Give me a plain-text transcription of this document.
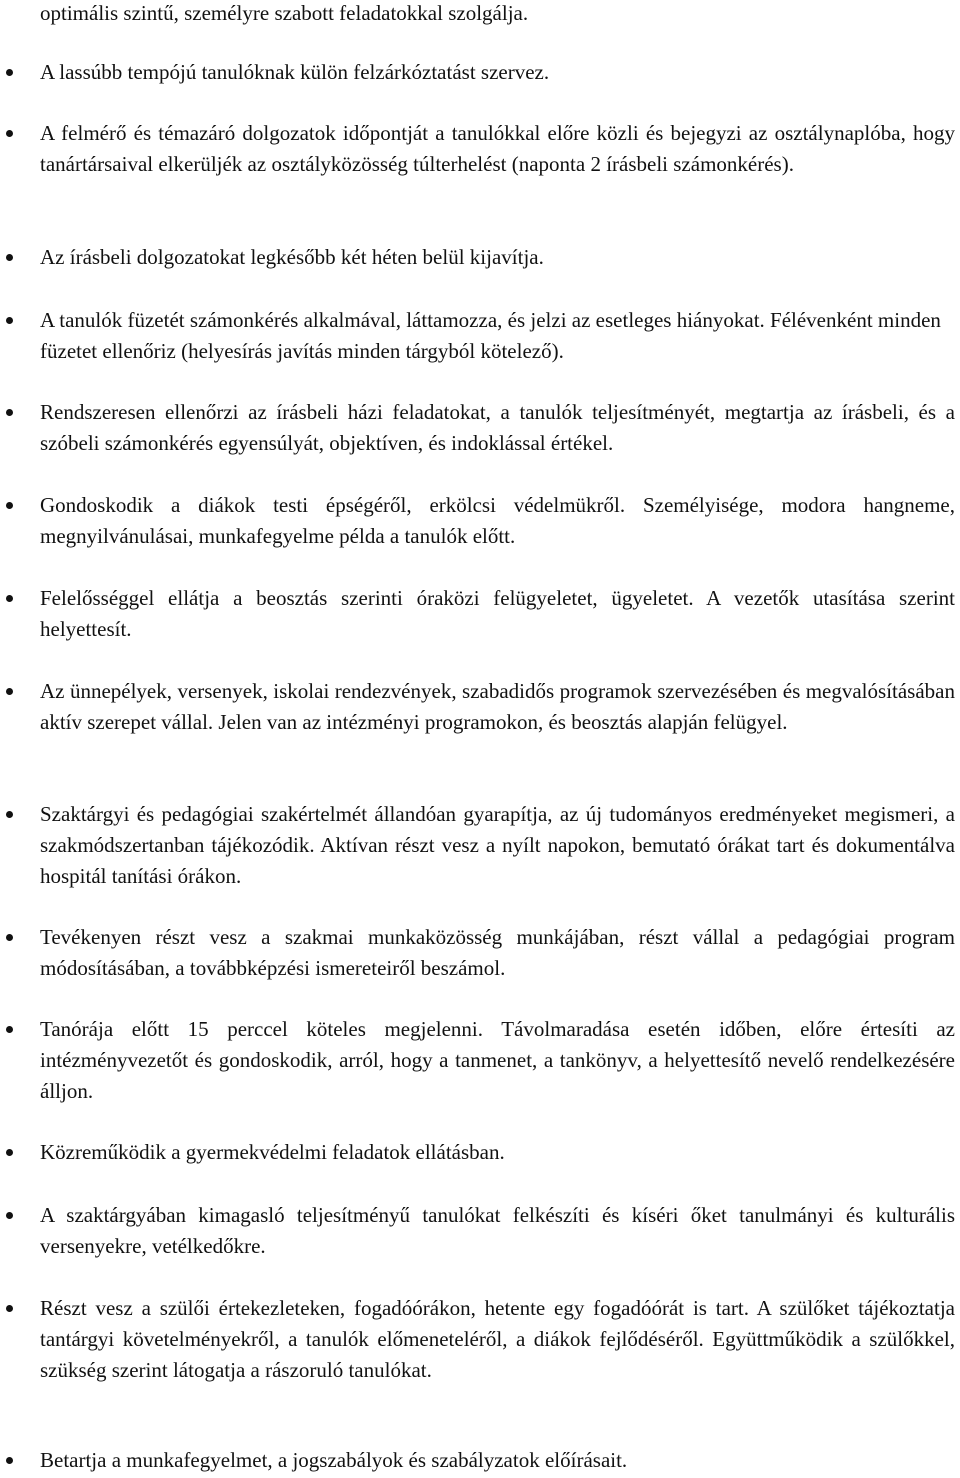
optimális szintű, személyre szabott feladatokkal szolgálja.

A lassúbb tempójú tanulóknak külön felzárkóztatást szervez.
A felmérő és témazáró dolgozatok időpontját a tanulókkal előre közli és bejegyzi az osztálynaplóba, hogy tanártársaival elkerüljék az osztályközösség túlterhelést (naponta 2 írásbeli számonkérés).
Az írásbeli dolgozatokat legkésőbb két héten belül kijavítja.
A tanulók füzetét számonkérés alkalmával, láttamozza, és jelzi az esetleges hiányokat. Félévenként minden füzetet ellenőriz (helyesírás javítás minden tárgyból kötelező).
Rendszeresen ellenőrzi az írásbeli házi feladatokat, a tanulók teljesítményét, megtartja az írásbeli, és a szóbeli számonkérés egyensúlyát, objektíven, és indoklással értékel.
Gondoskodik a diákok testi épségéről, erkölcsi védelmükről. Személyisége, modora hangneme, megnyilvánulásai, munkafegyelme példa a tanulók előtt.
Felelősséggel ellátja a beosztás szerinti óraközi felügyeletet, ügyeletet. A vezetők utasítása szerint helyettesít.
Az ünnepélyek, versenyek, iskolai rendezvények, szabadidős programok szervezésében és megvalósításában aktív szerepet vállal. Jelen van az intézményi programokon, és beosztás alapján felügyel.
Szaktárgyi és pedagógiai szakértelmét állandóan gyarapítja, az új tudományos eredményeket megismeri, a szakmódszertanban tájékozódik. Aktívan részt vesz a nyílt napokon, bemutató órákat tart és dokumentálva hospitál tanítási órákon.
Tevékenyen részt vesz a szakmai munkaközösség munkájában, részt vállal a pedagógiai program módosításában, a továbbképzési ismereteiről beszámol.
Tanórája előtt 15 perccel köteles megjelenni. Távolmaradása esetén időben, előre értesíti az intézményvezetőt és gondoskodik, arról, hogy a tanmenet, a tankönyv, a helyettesítő nevelő rendelkezésére álljon.
Közreműködik a gyermekvédelmi feladatok ellátásban.
A szaktárgyában kimagasló teljesítményű tanulókat felkészíti és kíséri őket tanulmányi és kulturális versenyekre, vetélkedőkre.
Részt vesz a szülői értekezleteken, fogadóórákon, hetente egy fogadóórát is tart. A szülőket tájékoztatja tantárgyi követelményekről, a tanulók előmeneteléről, a diákok fejlődéséről. Együttműködik a szülőkkel, szükség szerint látogatja a rászoruló tanulókat.
Betartja a munkafegyelmet, a jogszabályok és szabályzatok előírásait.
